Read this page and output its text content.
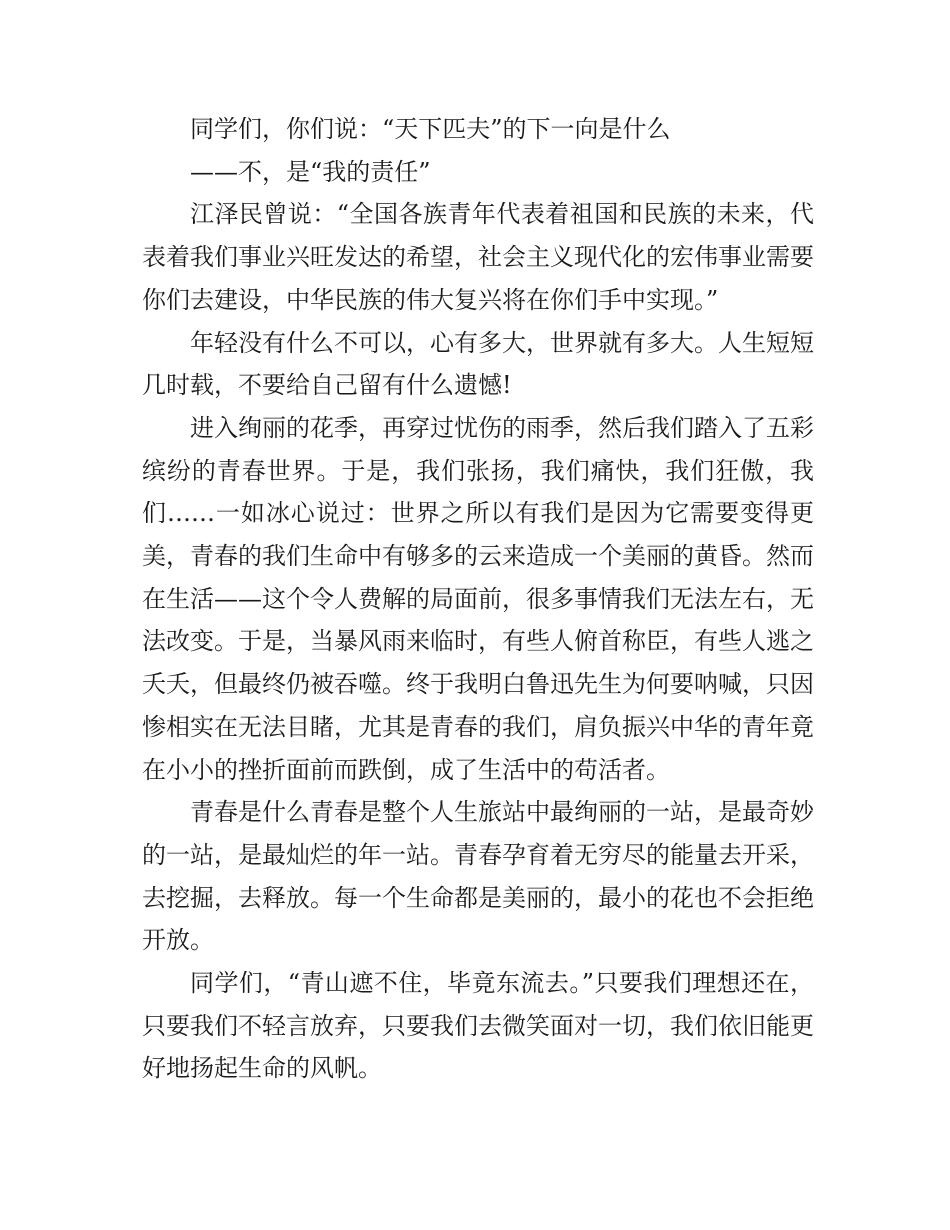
同学们，你们说：“天下匹夫”的下一向是什么

——不，是“我的责任”

江泽民曾说：“全国各族青年代表着祖国和民族的未来，代表着我们事业兴旺发达的希望，社会主义现代化的宏伟事业需要你们去建设，中华民族的伟大复兴将在你们手中实现。”

年轻没有什么不可以，心有多大，世界就有多大。人生短短几时载，不要给自己留有什么遗憾!

进入绚丽的花季，再穿过忧伤的雨季，然后我们踏入了五彩缤纷的青春世界。于是，我们张扬，我们痛快，我们狂傲，我们……一如冰心说过：世界之所以有我们是因为它需要变得更美，青春的我们生命中有够多的云来造成一个美丽的黄昏。然而在生活——这个令人费解的局面前，很多事情我们无法左右，无法改变。于是，当暴风雨来临时，有些人俯首称臣，有些人逃之夭夭，但最终仍被吞噬。终于我明白鲁迅先生为何要呐喊，只因惨相实在无法目睹，尤其是青春的我们，肩负振兴中华的青年竟在小小的挫折面前而跌倒，成了生活中的苟活者。

青春是什么青春是整个人生旅站中最绚丽的一站，是最奇妙的一站，是最灿烂的年一站。青春孕育着无穷尽的能量去开采，去挖掘，去释放。每一个生命都是美丽的，最小的花也不会拒绝开放。

同学们，“青山遮不住，毕竟东流去。”只要我们理想还在，只要我们不轻言放弃，只要我们去微笑面对一切，我们依旧能更好地扬起生命的风帆。
